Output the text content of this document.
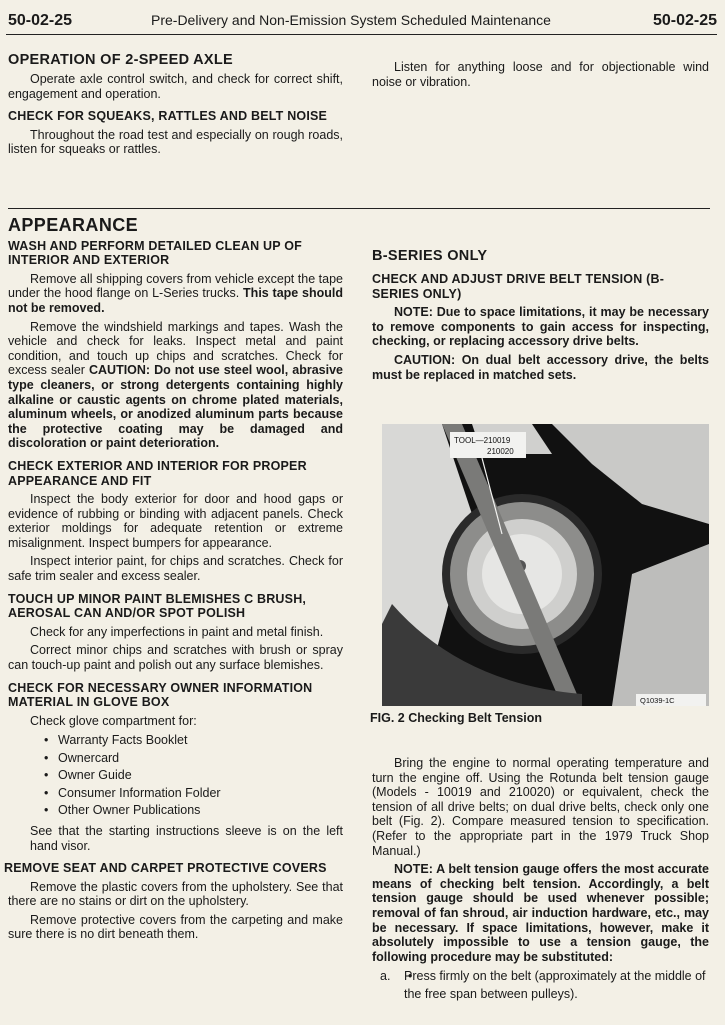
50-02-25	Pre-Delivery and Non-Emission System Scheduled Maintenance	50-02-25
OPERATION OF 2-SPEED AXLE

Operate axle control switch, and check for correct shift, engagement and operation.

CHECK FOR SQUEAKS, RATTLES AND BELT NOISE

Throughout the road test and especially on rough roads, listen for squeaks or rattles.

Listen for anything loose and for objectionable wind noise or vibration.

APPEARANCE
WASH AND PERFORM DETAILED CLEAN UP OF INTERIOR AND EXTERIOR

Remove all shipping covers from vehicle except the tape under the hood flange on L-Series trucks. This tape should not be removed.

Remove the windshield markings and tapes. Wash the vehicle and check for leaks. Inspect metal and paint condition, and touch up chips and scratches. Check for excess sealer CAUTION: Do not use steel wool, abrasive type cleaners, or strong detergents containing highly alkaline or caustic agents on chrome plated materials, aluminum wheels, or anodized aluminum parts because the protective coating may be damaged and discoloration or paint deterioration.

CHECK EXTERIOR AND INTERIOR FOR PROPER APPEARANCE AND FIT

Inspect the body exterior for door and hood gaps or evidence of rubbing or binding with adjacent panels. Check exterior moldings for adequate retention or extreme misalignment. Inspect bumpers for appearance.

Inspect interior paint, for chips and scratches. Check for safe trim sealer and excess sealer.

TOUCH UP MINOR PAINT BLEMISHES C BRUSH, AEROSAL CAN AND/OR SPOT POLISH

Check for any imperfections in paint and metal finish.

Correct minor chips and scratches with brush or spray can touch-up paint and polish out any surface blemishes.

CHECK FOR NECESSARY OWNER INFORMATION MATERIAL IN GLOVE BOX

Check glove compartment for:

• Warranty Facts Booklet
• Ownercard
• Owner Guide
• Consumer Information Folder
• Other Owner Publications

See that the starting instructions sleeve is on the left hand visor.

REMOVE SEAT AND CARPET PROTECTIVE COVERS

Remove the plastic covers from the upholstery. See that there are no stains or dirt on the upholstery.

Remove protective covers from the carpeting and make sure there is no dirt beneath them.

B-SERIES ONLY
CHECK AND ADJUST DRIVE BELT TENSION (B-SERIES ONLY)

NOTE: Due to space limitations, it may be necessary to remove components to gain access for inspecting, checking, or replacing accessory drive belts.

CAUTION: On dual belt accessory drive, the belts must be replaced in matched sets.

TOOL—210019
210020
Q1039-1C
FIG. 2 Checking Belt Tension

Bring the engine to normal operating temperature and turn the engine off. Using the Rotunda belt tension gauge (Models - 10019 and 210020) or equivalent, check the tension of all drive belts; on dual drive belts, check only one belt (Fig. 2). Compare measured tension to specification. (Refer to the appropriate part in the 1979 Truck Shop Manual.)

NOTE: A belt tension gauge offers the most accurate means of checking belt tension. Accordingly, a belt tension gauge should be used whenever possible; removal of fan shroud, air induction hardware, etc., may be necessary. If space limitations, however, make it absolutely impossible to use a tension gauge, the following procedure may be substituted:

• a. Press firmly on the belt (approximately at the middle of the free span between pulleys).
